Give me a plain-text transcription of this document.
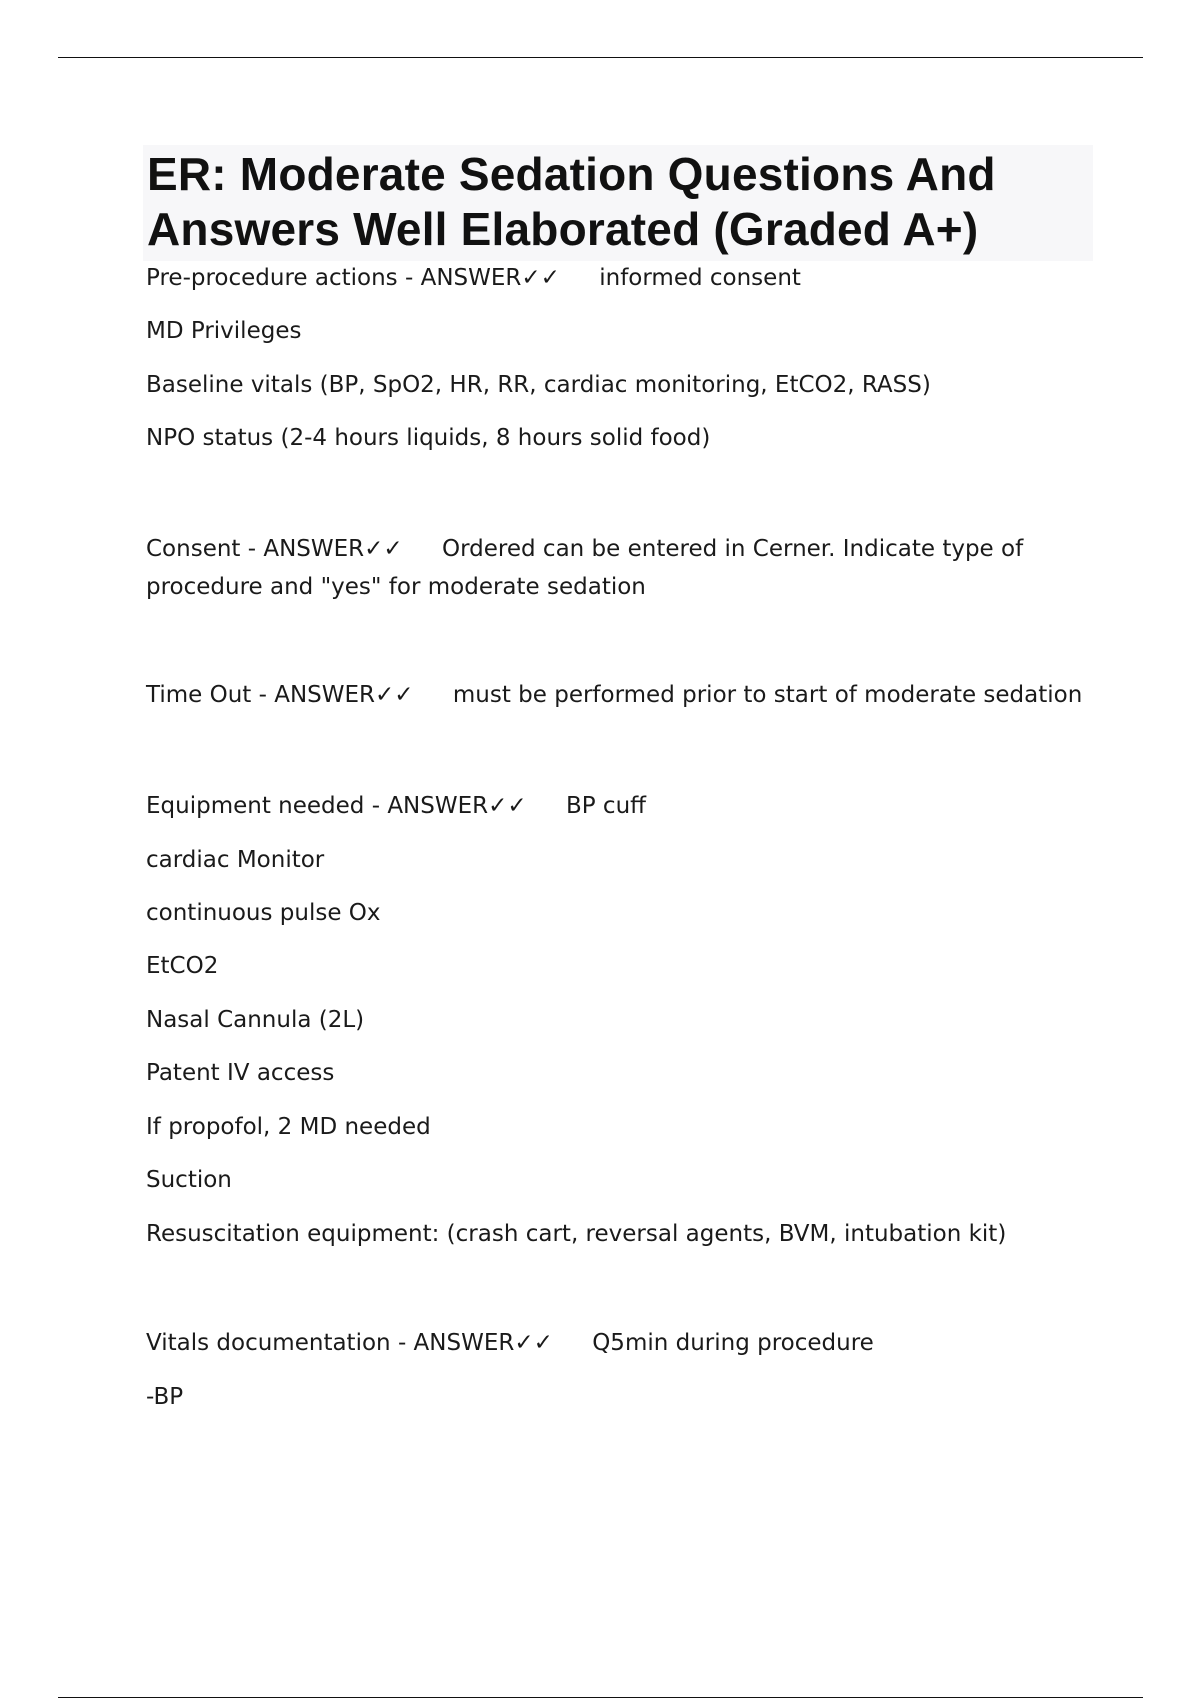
ER: Moderate Sedation Questions And Answers Well Elaborated (Graded A+)
Pre-procedure actions - ANSWER✓✓ informed consent
MD Privileges
Baseline vitals (BP, SpO2, HR, RR, cardiac monitoring, EtCO2, RASS)
NPO status (2-4 hours liquids, 8 hours solid food)
Consent - ANSWER✓✓ Ordered can be entered in Cerner. Indicate type of procedure and "yes" for moderate sedation
Time Out - ANSWER✓✓ must be performed prior to start of moderate sedation
Equipment needed - ANSWER✓✓ BP cuff
cardiac Monitor
continuous pulse Ox
EtCO2
Nasal Cannula (2L)
Patent IV access
If propofol, 2 MD needed
Suction
Resuscitation equipment: (crash cart, reversal agents, BVM, intubation kit)
Vitals documentation - ANSWER✓✓ Q5min during procedure
-BP
